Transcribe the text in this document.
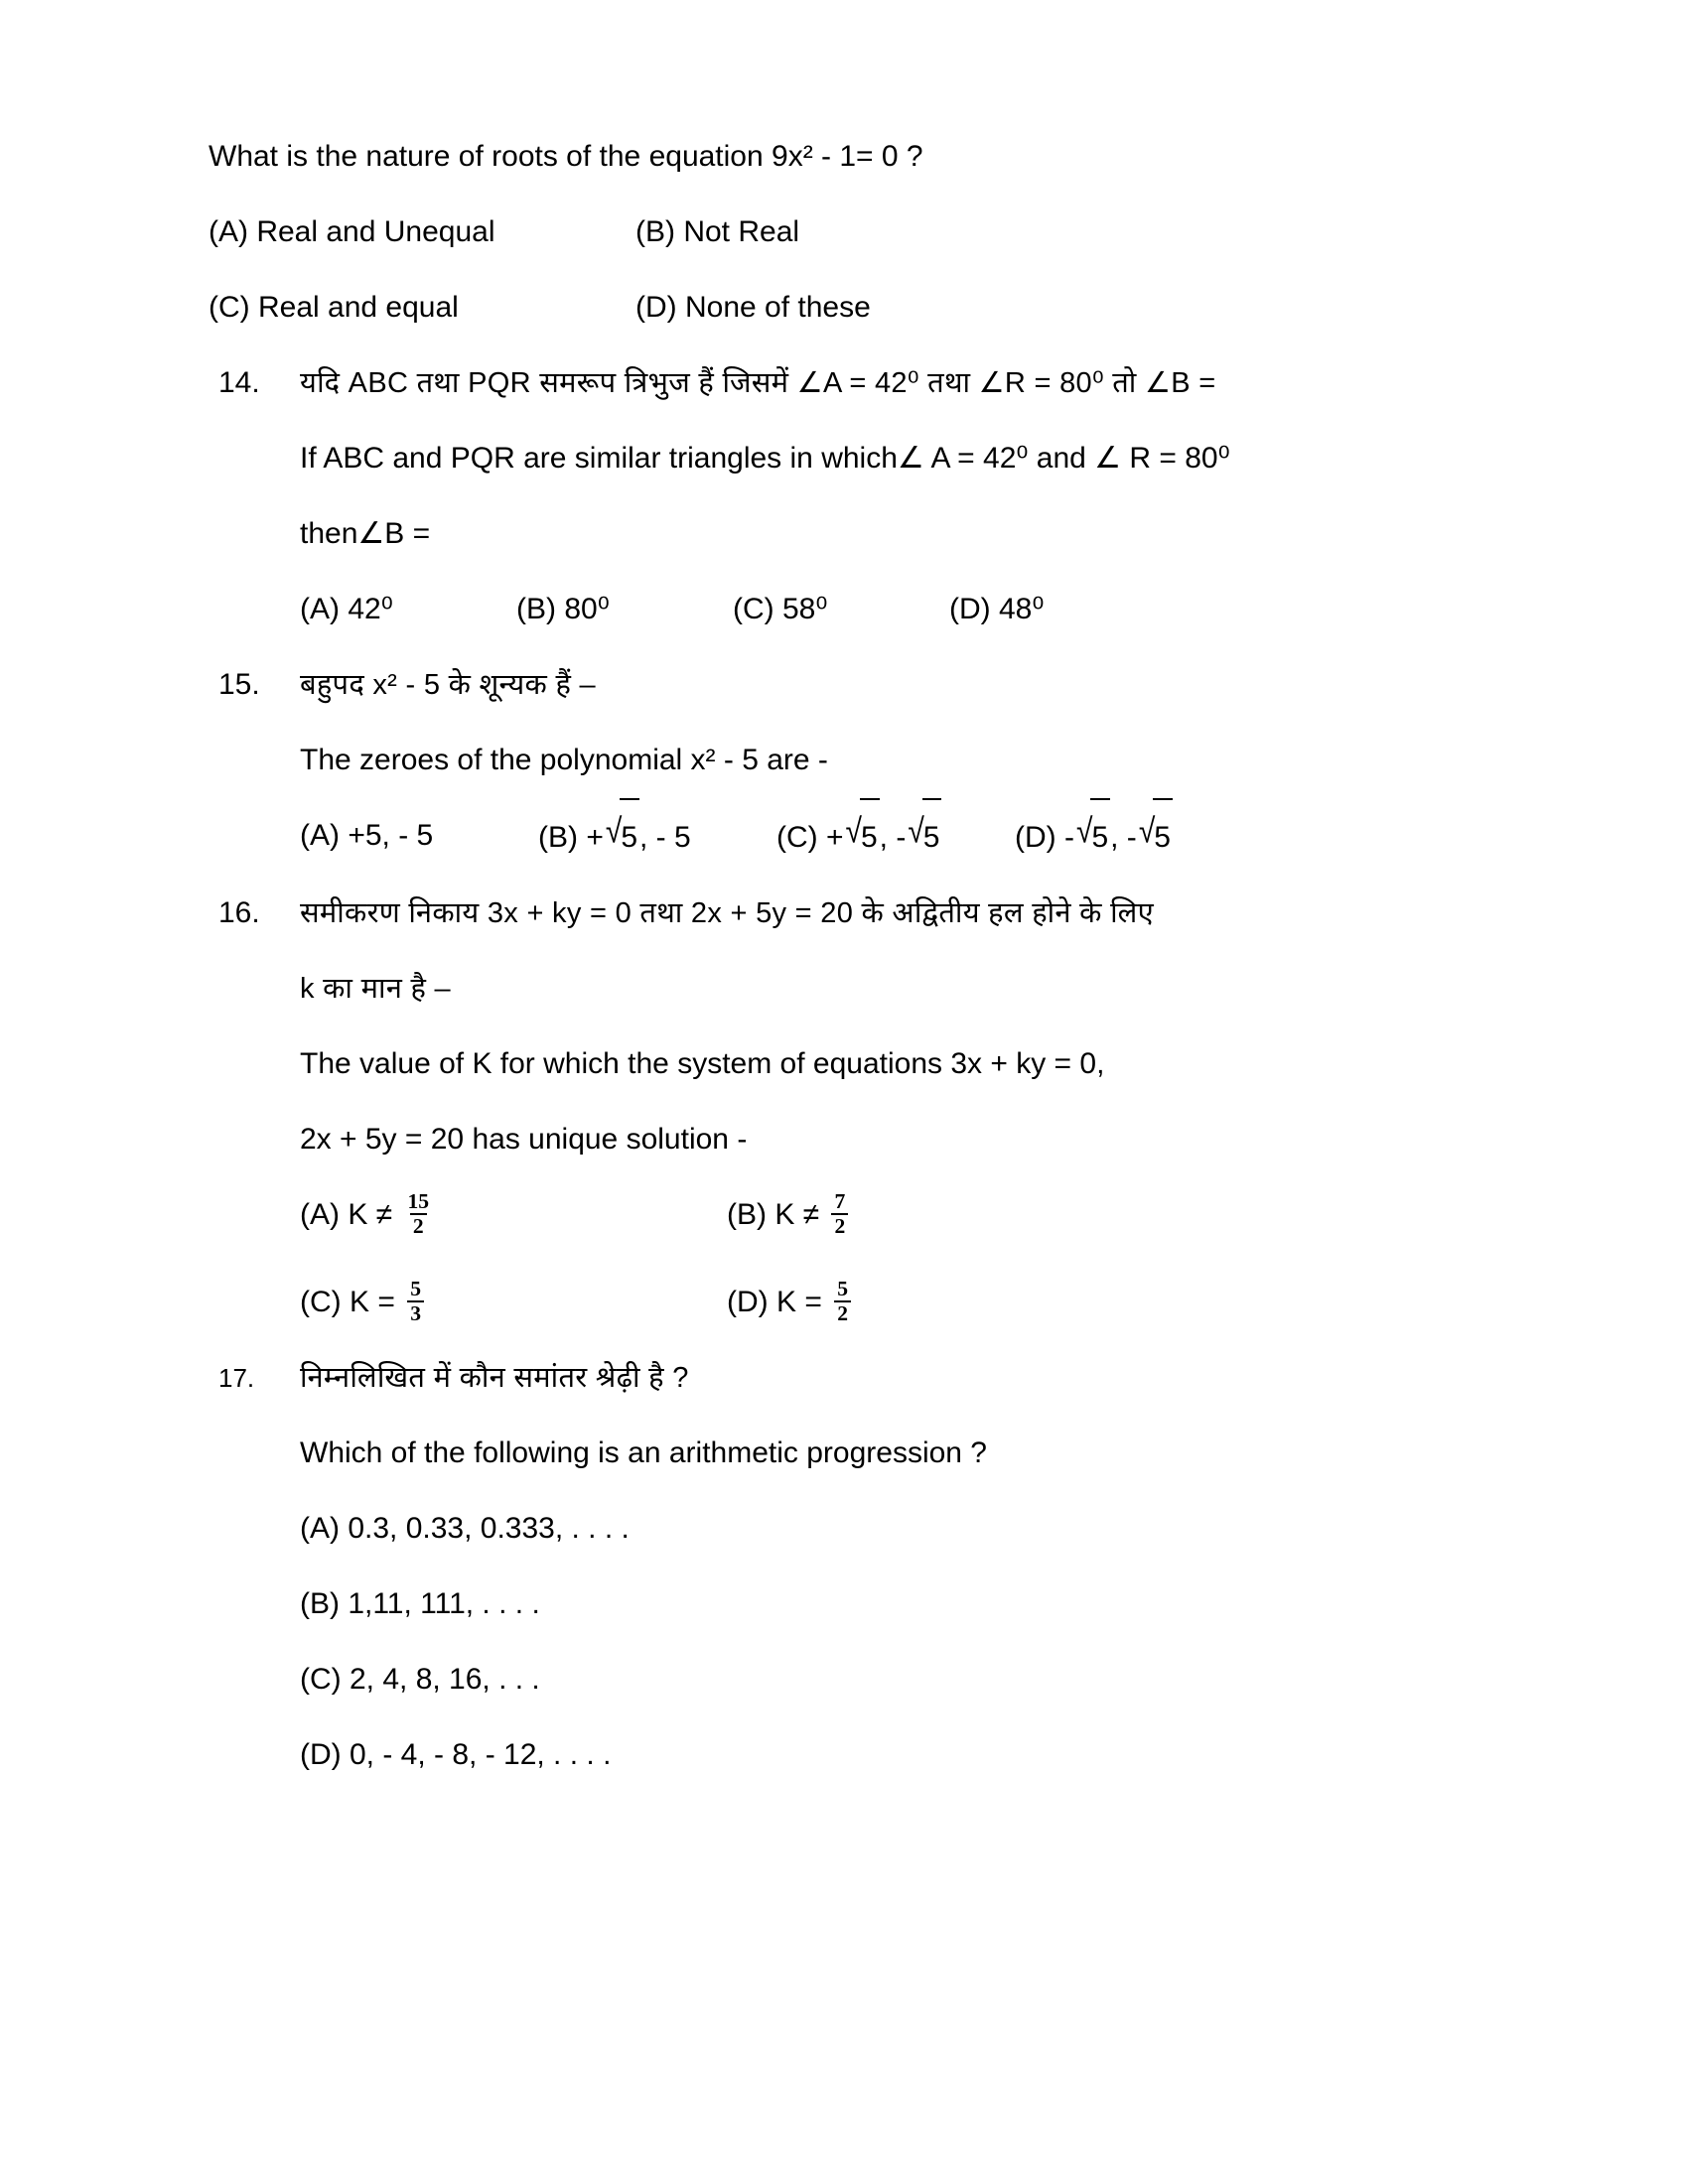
What is the nature of roots of the equation 9x² - 1= 0 ?
(A) Real and Unequal	(B) Not Real
(C) Real and equal	(D) None of these
14.	यदि ABC तथा PQR समरूप त्रिभुज हैं जिसमें ∠A = 42⁰ तथा ∠R = 80⁰ तो ∠B =
If ABC and PQR are similar triangles in which∠ A = 42⁰ and ∠ R = 80⁰
then∠B =
(A) 42⁰	(B) 80⁰	(C) 58⁰	(D) 48⁰
15.	बहुपद x² - 5 के शून्यक हैं –
The zeroes of the polynomial x² - 5 are -
(A) +5, - 5	(B) +√5, - 5	(C) +√5, -√5	(D) -√5, -√5
16.	समीकरण निकाय 3x + ky = 0 तथा 2x + 5y = 20 के अद्वितीय हल होने के लिए
k का मान है –
The value of K for which the system of equations 3x + ky = 0,
2x + 5y = 20 has unique solution -
(A) $K \ne \frac{15}{2}$	(B) $K \ne \frac{7}{2}$
(C) $K = \frac{5}{3}$	(D) $K = \frac{5}{2}$
17.	निम्नलिखित में कौन समांतर श्रेढ़ी है ?
Which of the following is an arithmetic progression ?
(A) 0.3, 0.33, 0.333, . . . .
(B) 1,11, 111, . . . .
(C) 2, 4, 8, 16, . . .
(D) 0, - 4, - 8, - 12, . . . .
